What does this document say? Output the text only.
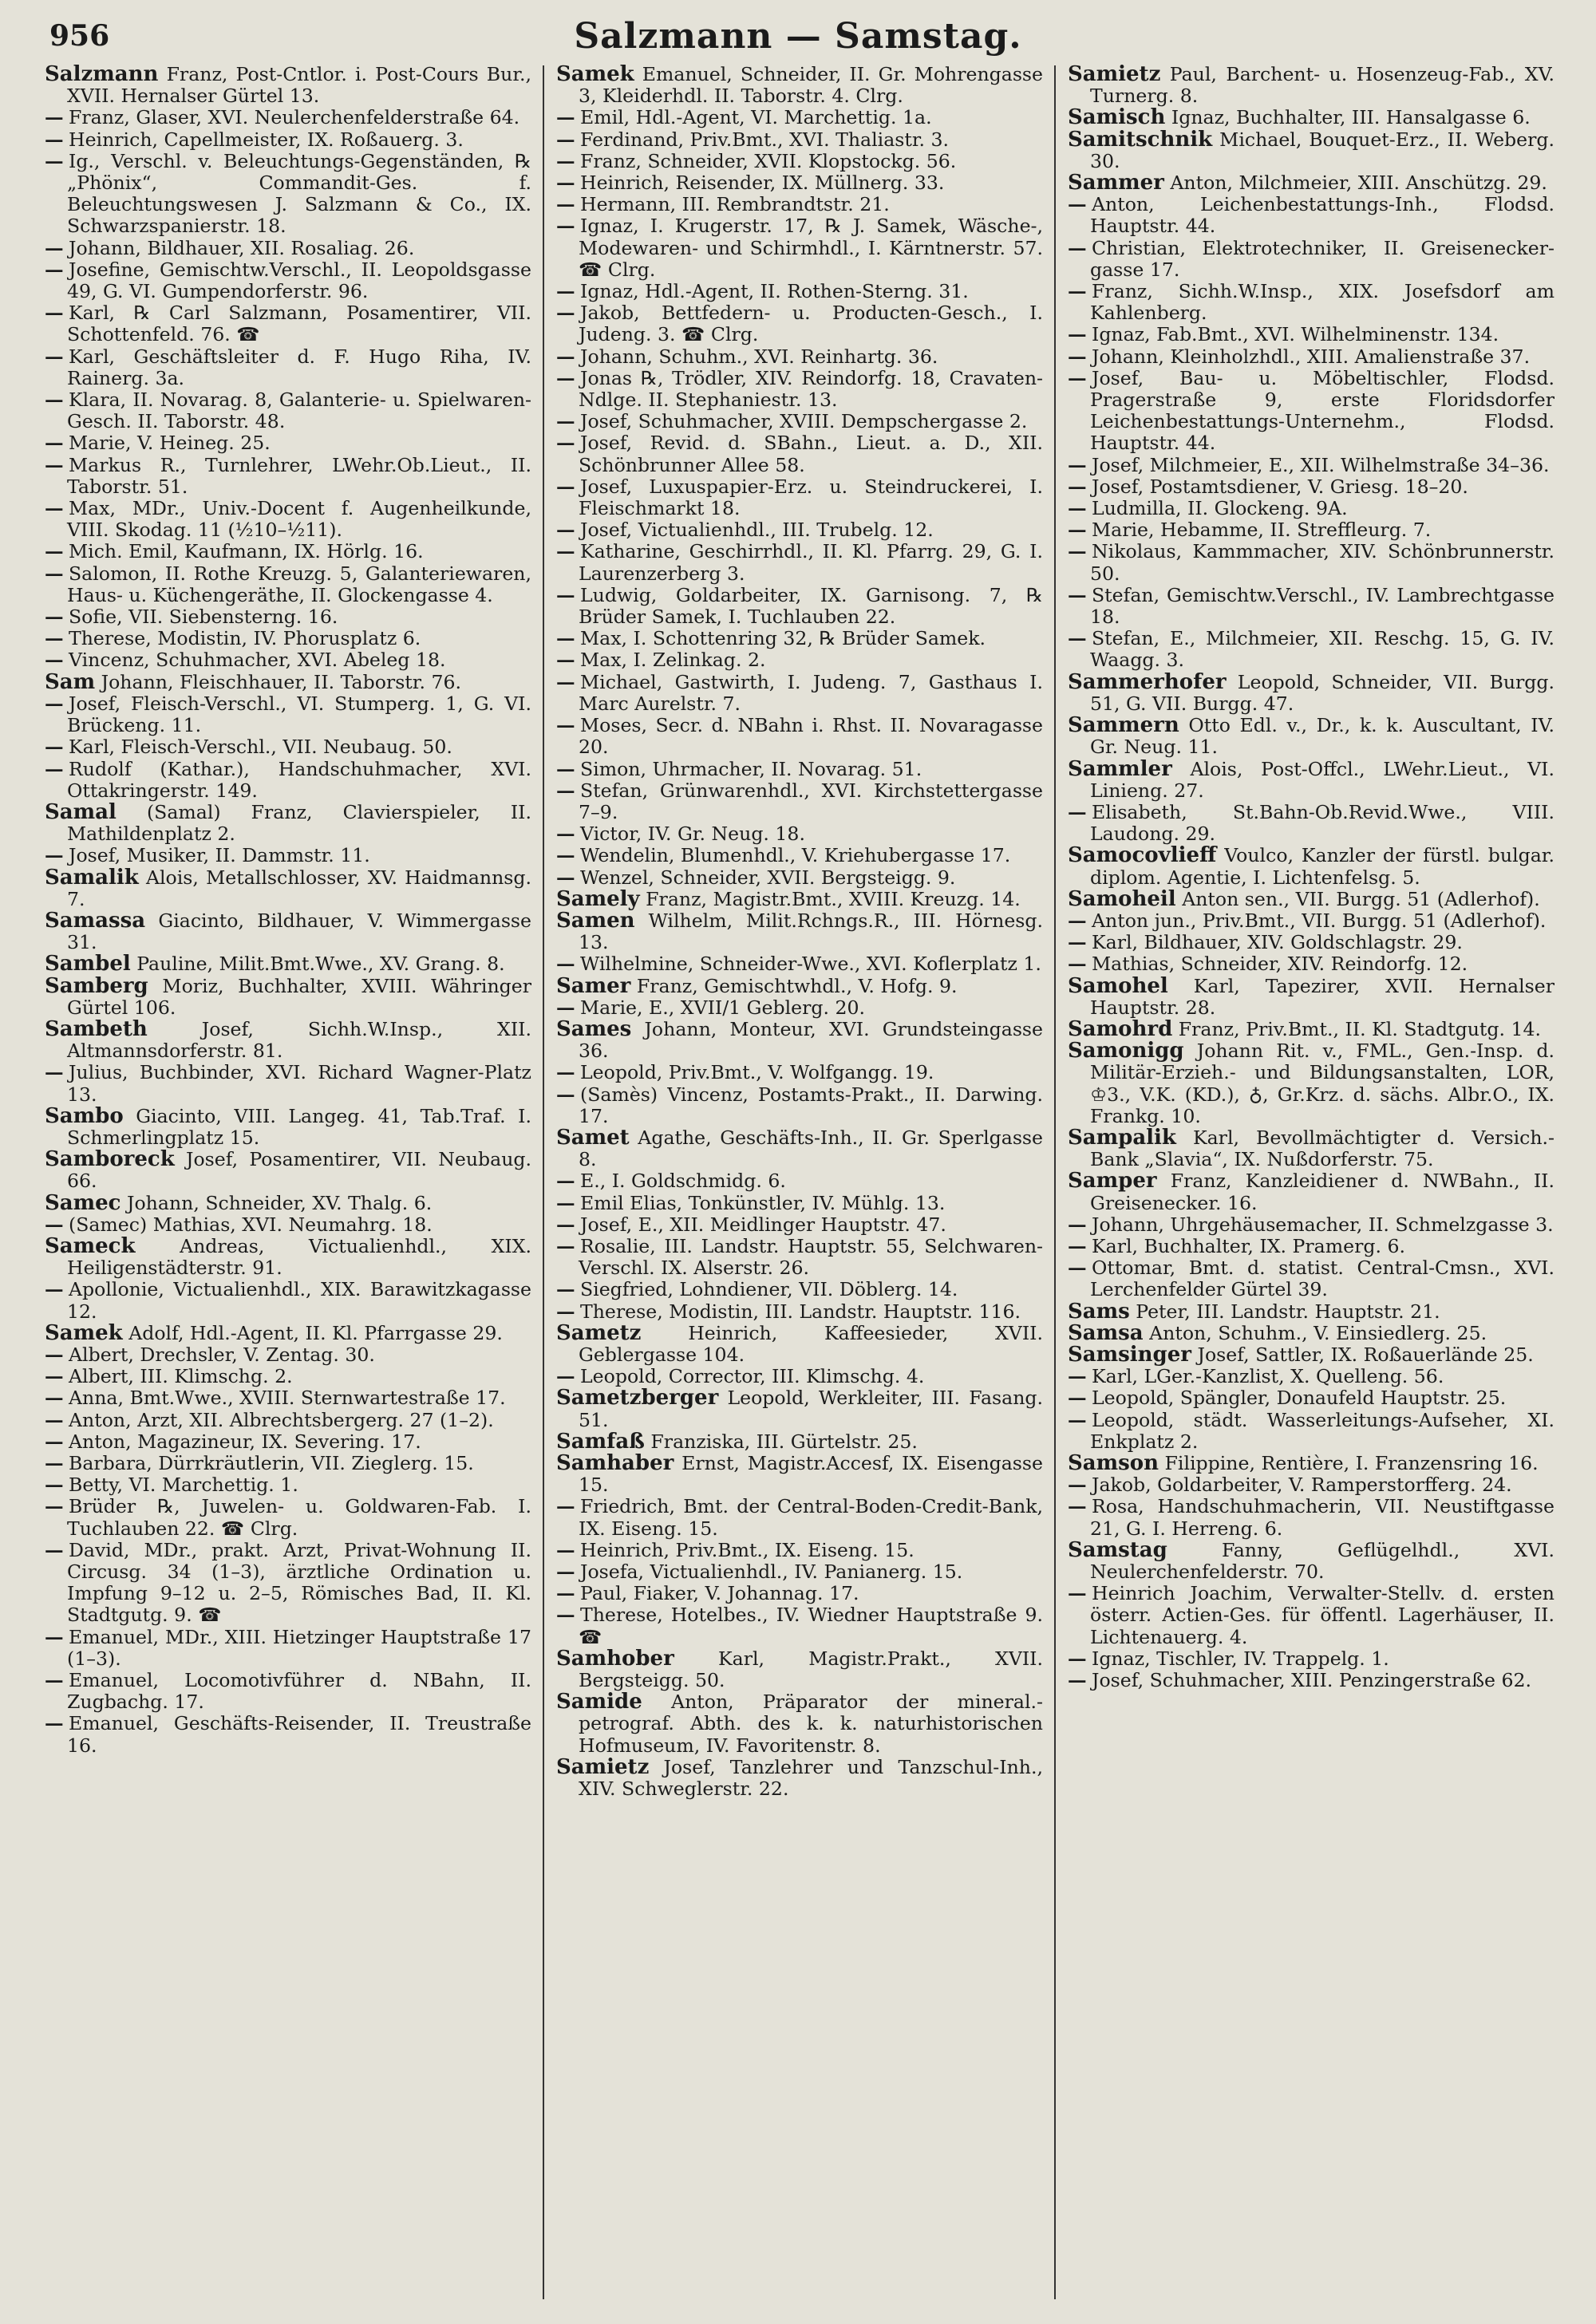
956	Salzmann — Samstag.

Salzmann Franz, Post-Cntlor. i. Post-Cours Bur., XVII. Hernalser Gürtel 13.

— Franz, Glaser, XVI. Neulerchenfelderstraße 64.

— Heinrich, Capellmeister, IX. Roßauerg. 3.

— Ig., Verschl. v. Beleuchtungs-Gegenständen, ℞ „Phönix“, Commandit-Ges. f. Beleuchtungswesen J. Salzmann & Co., IX. Schwarzspanierstr. 18.

— Johann, Bildhauer, XII. Rosaliag. 26.

— Josefine, Gemischtw.Verschl., II. Leopoldsgasse 49, G. VI. Gumpendorferstr. 96.

— Karl, ℞ Carl Salzmann, Posamentirer, VII. Schottenfeld. 76. ☎

— Karl, Geschäftsleiter d. F. Hugo Riha, IV. Rainerg. 3a.

— Klara, II. Novarag. 8, Galanterie- u. Spielwaren-Gesch. II. Taborstr. 48.

— Marie, V. Heineg. 25.

— Markus R., Turnlehrer, LWehr.Ob.Lieut., II. Taborstr. 51.

— Max, MDr., Univ.-Docent f. Augenheilkunde, VIII. Skodag. 11 (½10–½11).

— Mich. Emil, Kaufmann, IX. Hörlg. 16.

— Salomon, II. Rothe Kreuzg. 5, Galanteriewaren, Haus- u. Küchengeräthe, II. Glockengasse 4.

— Sofie, VII. Siebensterng. 16.

— Therese, Modistin, IV. Phorusplatz 6.

— Vincenz, Schuhmacher, XVI. Abeleg 18.

Sam Johann, Fleischhauer, II. Taborstr. 76.

— Josef, Fleisch-Verschl., VI. Stumperg. 1, G. VI. Brückeng. 11.

— Karl, Fleisch-Verschl., VII. Neubaug. 50.

— Rudolf (Kathar.), Handschuhmacher, XVI. Ottakringerstr. 149.

Samal (Samal) Franz, Clavierspieler, II. Mathildenplatz 2.

— Josef, Musiker, II. Dammstr. 11.

Samalik Alois, Metallschlosser, XV. Haidmannsg. 7.

Samassa Giacinto, Bildhauer, V. Wimmergasse 31.

Sambel Pauline, Milit.Bmt.Wwe., XV. Grang. 8.

Samberg Moriz, Buchhalter, XVIII. Währinger Gürtel 106.

Sambeth	Josef, Sichh.W.Insp., XII. Altmannsdorferstr. 81.

— Julius, Buchbinder, XVI. Richard Wagner-Platz 13.

Sambo Giacinto, VIII. Langeg. 41, Tab.Traf. I. Schmerlingplatz 15.

Samboreck Josef, Posamentirer, VII. Neubaug. 66.

Samec Johann, Schneider, XV. Thalg. 6.

— (Samec) Mathias, XVI. Neumahrg. 18.

Sameck Andreas, Victualienhdl., XIX. Heiligenstädterstr. 91.

— Apollonie, Victualienhdl., XIX. Barawitzkagasse 12.

Samek Adolf, Hdl.-Agent, II. Kl. Pfarrgasse 29.

— Albert, Drechsler, V. Zentag. 30.

— Albert, III. Klimschg. 2.

— Anna, Bmt.Wwe., XVIII. Sternwartestraße 17.

— Anton, Arzt, XII. Albrechtsbergerg. 27 (1–2).

— Anton, Magazineur, IX. Severing. 17.

— Barbara, Dürrkräutlerin, VII. Zieglerg. 15.

— Betty, VI. Marchettig. 1.

— Brüder ℞, Juwelen- u. Goldwaren-Fab. I. Tuchlauben 22. ☎ Clrg.

— David, MDr., prakt. Arzt, Privat-Wohnung II. Circusg. 34 (1–3), ärztliche Ordination u. Impfung 9–12 u. 2–5, Römisches Bad, II. Kl. Stadtgutg. 9. ☎

— Emanuel, MDr., XIII. Hietzinger Hauptstraße 17 (1–3).

— Emanuel, Locomotivführer d. NBahn, II. Zugbachg. 17.

— Emanuel, Geschäfts-Reisender, II. Treustraße 16.

Samek Emanuel, Schneider, II. Gr. Mohrengasse 3, Kleiderhdl. II. Taborstr. 4. Clrg.

— Emil, Hdl.-Agent, VI. Marchettig. 1a.

— Ferdinand, Priv.Bmt., XVI. Thaliastr. 3.

— Franz, Schneider, XVII. Klopstockg. 56.

— Heinrich, Reisender, IX. Müllnerg. 33.

— Hermann, III. Rembrandtstr. 21.

— Ignaz, I. Krugerstr. 17, ℞ J. Samek, Wäsche-, Modewaren- und Schirmhdl., I. Kärntnerstr. 57. ☎ Clrg.

— Ignaz, Hdl.-Agent, II. Rothen-Sterng. 31.

— Jakob, Bettfedern- u. Producten-Gesch., I. Judeng. 3. ☎ Clrg.

— Johann, Schuhm., XVI. Reinhartg. 36.

— Jonas ℞, Trödler, XIV. Reindorfg. 18, Cravaten-Ndlge. II. Stephaniestr. 13.

— Josef, Schuhmacher, XVIII. Dempschergasse 2.

— Josef, Revid. d. SBahn., Lieut. a. D., XII. Schönbrunner Allee 58.

— Josef, Luxuspapier-Erz. u. Steindruckerei, I. Fleischmarkt 18.

— Josef, Victualienhdl., III. Trubelg. 12.

— Katharine, Geschirrhdl., II. Kl. Pfarrg. 29, G. I. Laurenzerberg 3.

— Ludwig, Goldarbeiter, IX. Garnisong. 7, ℞ Brüder Samek, I. Tuchlauben 22.

— Max, I. Schottenring 32, ℞ Brüder Samek.

— Max, I. Zelinkag. 2.

— Michael, Gastwirth, I. Judeng. 7, Gasthaus I. Marc Aurelstr. 7.

— Moses, Secr. d. NBahn i. Rhst. II. Novaragasse 20.

— Simon, Uhrmacher, II. Novarag. 51.

— Stefan, Grünwarenhdl., XVI. Kirchstettergasse 7–9.

— Victor, IV. Gr. Neug. 18.

— Wendelin, Blumenhdl., V. Kriehubergasse 17.

— Wenzel, Schneider, XVII. Bergsteigg. 9.

Samely Franz, Magistr.Bmt., XVIII. Kreuzg. 14.

Samen Wilhelm, Milit.Rchngs.R., III. Hörnesg. 13.

— Wilhelmine, Schneider-Wwe., XVI. Koflerplatz 1.

Samer Franz, Gemischtwhdl., V. Hofg. 9.

— Marie, E., XVII/1 Geblerg. 20.

Sames Johann, Monteur, XVI. Grundsteingasse 36.

— Leopold, Priv.Bmt., V. Wolfgangg. 19.

— (Samès) Vincenz, Postamts-Prakt., II. Darwing. 17.

Samet Agathe, Geschäfts-Inh., II. Gr. Sperlgasse 8.

— E., I. Goldschmidg. 6.

— Emil Elias, Tonkünstler, IV. Mühlg. 13.

— Josef, E., XII. Meidlinger Hauptstr. 47.

— Rosalie, III. Landstr. Hauptstr. 55, Selchwaren-Verschl. IX. Alserstr. 26.

— Siegfried, Lohndiener, VII. Döblerg. 14.

— Therese, Modistin, III. Landstr. Hauptstr. 116.

Sametz Heinrich, Kaffeesieder, XVII. Geblergasse 104.

— Leopold, Corrector, III. Klimschg. 4.

Sametzberger Leopold, Werkleiter, III. Fasang. 51.

Samfaß Franziska, III. Gürtelstr. 25.

Samhaber Ernst, Magistr.Accesf, IX. Eisengasse 15.

— Friedrich, Bmt. der Central-Boden-Credit-Bank, IX. Eiseng. 15.

— Heinrich, Priv.Bmt., IX. Eiseng. 15.

— Josefa, Victualienhdl., IV. Panianerg. 15.

— Paul, Fiaker, V. Johannag. 17.

— Therese, Hotelbes., IV. Wiedner Hauptstraße 9. ☎

Samhober Karl, Magistr.Prakt., XVII. Bergsteigg. 50.

Samide Anton, Präparator der mineral.-petrograf. Abth. des k. k. naturhistorischen Hofmuseum, IV. Favoritenstr. 8.

Samietz Josef, Tanzlehrer und Tanzschul-Inh., XIV. Schweglerstr. 22.

Samietz Paul, Barchent- u. Hosenzeug-Fab., XV. Turnerg. 8.

Samisch Ignaz, Buchhalter, III. Hansalgasse 6.

Samitschnik Michael, Bouquet-Erz., II. Weberg. 30.

Sammer Anton, Milchmeier, XIII. Anschützg. 29.

— Anton, Leichenbestattungs-Inh., Flodsd. Hauptstr. 44.

— Christian, Elektrotechniker, II. Greisenecker-gasse 17.

— Franz, Sichh.W.Insp., XIX. Josefsdorf am Kahlenberg.

— Ignaz, Fab.Bmt., XVI. Wilhelminenstr. 134.

— Johann, Kleinholzhdl., XIII. Amalienstraße 37.

— Josef, Bau- u. Möbeltischler, Flodsd. Pragerstraße 9, erste Floridsdorfer Leichenbestattungs-Unternehm., Flodsd. Hauptstr. 44.

— Josef, Milchmeier, E., XII. Wilhelmstraße 34–36.

— Josef, Postamtsdiener, V. Griesg. 18–20.

— Ludmilla, II. Glockeng. 9A.

— Marie, Hebamme, II. Streffleurg. 7.

— Nikolaus, Kammmacher, XIV. Schönbrunnerstr. 50.

— Stefan, Gemischtw.Verschl., IV. Lambrechtgasse 18.

— Stefan, E., Milchmeier, XII. Reschg. 15, G. IV. Waagg. 3.

Sammerhofer Leopold, Schneider, VII. Burgg. 51, G. VII. Burgg. 47.

Sammern Otto Edl. v., Dr., k. k. Auscultant, IV. Gr. Neug. 11.

Sammler Alois, Post-Offcl., LWehr.Lieut., VI. Linieng. 27.

— Elisabeth, St.Bahn-Ob.Revid.Wwe., VIII. Laudong. 29.

Samocovlieff Voulco, Kanzler der fürstl. bulgar. diplom. Agentie, I. Lichtenfelsg. 5.

Samoheil Anton sen., VII. Burgg. 51 (Adlerhof).

— Anton jun., Priv.Bmt., VII. Burgg. 51 (Adlerhof).

— Karl, Bildhauer, XIV. Goldschlagstr. 29.

— Mathias, Schneider, XIV. Reindorfg. 12.

Samohel Karl, Tapezirer, XVII. Hernalser Hauptstr. 28.

Samohrd Franz, Priv.Bmt., II. Kl. Stadtgutg. 14.

Samonigg Johann Rit. v., FML., Gen.-Insp. d. Militär-Erzieh.- und Bildungsanstalten, LOR, ♔3., V.K. (KD.), ♁, Gr.Krz. d. sächs. Albr.O., IX. Frankg. 10.

Sampalik Karl, Bevollmächtigter d. Versich.-Bank „Slavia“, IX. Nußdorferstr. 75.

Samper Franz, Kanzleidiener d. NWBahn., II. Greisenecker. 16.

— Johann, Uhrgehäusemacher, II. Schmelzgasse 3.

— Karl, Buchhalter, IX. Pramerg. 6.

— Ottomar, Bmt. d. statist. Central-Cmsn., XVI. Lerchenfelder Gürtel 39.

Sams Peter, III. Landstr. Hauptstr. 21.

Samsa Anton, Schuhm., V. Einsiedlerg. 25.

Samsinger Josef, Sattler, IX. Roßauerlände 25.

— Karl, LGer.-Kanzlist, X. Quelleng. 56.

— Leopold, Spängler, Donaufeld Hauptstr. 25.

— Leopold, städt. Wasserleitungs-Aufseher, XI. Enkplatz 2.

Samson Filippine, Rentière, I. Franzensring 16.

— Jakob, Goldarbeiter, V. Ramperstorfferg. 24.

— Rosa, Handschuhmacherin, VII. Neustiftgasse 21, G. I. Herreng. 6.

Samstag	Fanny, Geflügelhdl., XVI. Neulerchenfelderstr. 70.

— Heinrich Joachim, Verwalter-Stellv. d. ersten österr. Actien-Ges. für öffentl. Lagerhäuser, II. Lichtenauerg. 4.

— Ignaz, Tischler, IV. Trappelg. 1.

— Josef, Schuhmacher, XIII. Penzingerstraße 62.
